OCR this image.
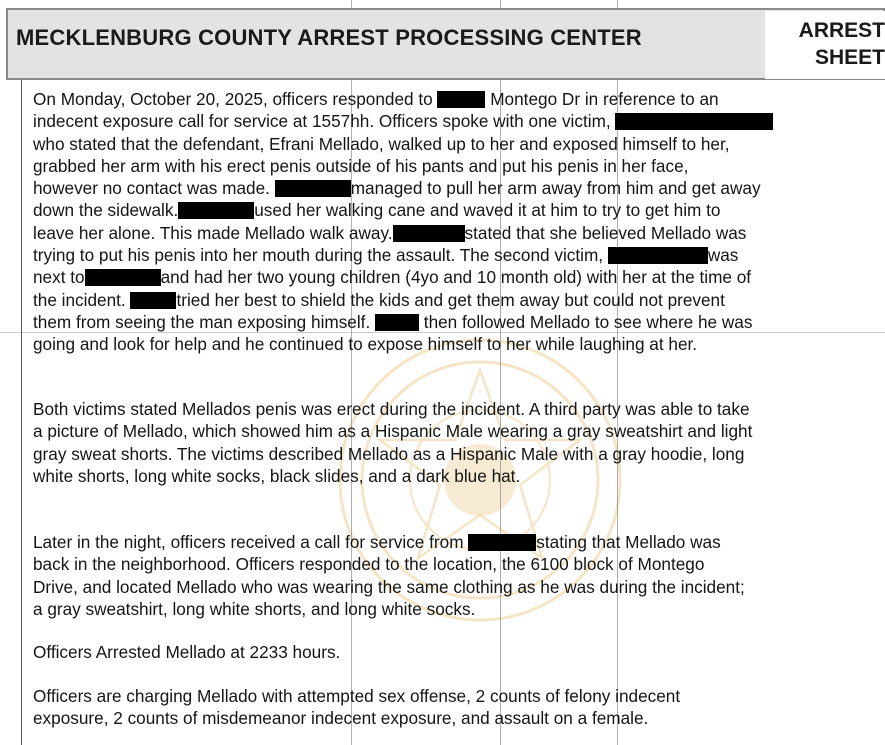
MECKLENBURG COUNTY ARREST PROCESSING CENTER	ARREST
SHEET
On Monday, October 20, 2025, officers responded to	Montego Dr in reference to an
indecent exposure call for service at 1557hh. Officers spoke with one victim,
who stated that the defendant, Efrani Mellado, walked up to her and exposed himself to her,
grabbed her arm with his erect penis outside of his pants and put his penis in her face,
however no contact was made.	managed to pull her arm away from him and get away
down the sidewalk.	used her walking cane and waved it at him to try to get him to
leave her alone. This made Mellado walk away.	stated that she believed Mellado was
trying to put his penis into her mouth during the assault. The second victim,	was
next to	and had her two young children (4yo and 10 month old) with her at the time of
the incident.	tried her best to shield the kids and get them away but could not prevent
them from seeing the man exposing himself.	then followed Mellado to see where he was
going and look for help and he continued to expose himself to her while laughing at her.
Both victims stated Mellados penis was erect during the incident. A third party was able to take
a picture of Mellado, which showed him as a Hispanic Male wearing a gray sweatshirt and light
gray sweat shorts. The victims described Mellado as a Hispanic Male with a gray hoodie, long
white shorts, long white socks, black slides, and a dark blue hat.
Later in the night, officers received a call for service from	stating that Mellado was
back in the neighborhood. Officers responded to the location, the 6100 block of Montego
Drive, and located Mellado who was wearing the same clothing as he was during the incident;
a gray sweatshirt, long white shorts, and long white socks.
Officers Arrested Mellado at 2233 hours.
Officers are charging Mellado with attempted sex offense, 2 counts of felony indecent
exposure, 2 counts of misdemeanor indecent exposure, and assault on a female.
